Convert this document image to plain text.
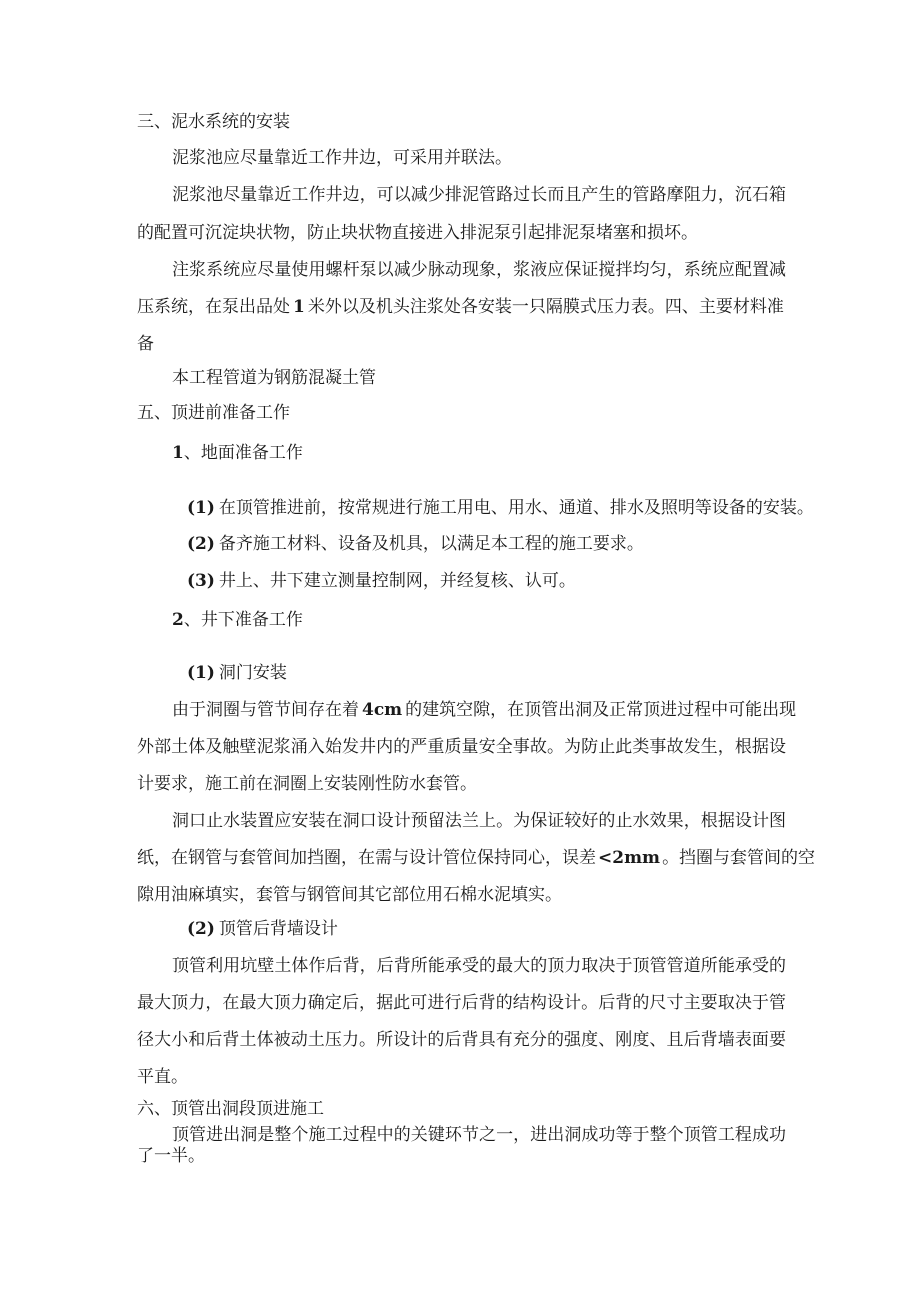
三、泥水系统的安装
泥浆池应尽量靠近工作井边，可采用并联法。
泥浆池尽量靠近工作井边，可以减少排泥管路过长而且产生的管路摩阻力，沉石箱
的配置可沉淀块状物，防止块状物直接进入排泥泵引起排泥泵堵塞和损坏。
注浆系统应尽量使用螺杆泵以减少脉动现象，浆液应保证搅拌均匀，系统应配置减
压系统，在泵出品处 1 米外以及机头注浆处各安装一只隔膜式压力表。四、主要材料准
备
本工程管道为钢筋混凝土管
五、顶进前准备工作
1、地面准备工作
(1) 在顶管推进前，按常规进行施工用电、用水、通道、排水及照明等设备的安装。
(2) 备齐施工材料、设备及机具，以满足本工程的施工要求。
(3) 井上、井下建立测量控制网，并经复核、认可。
2、井下准备工作
(1) 洞门安装
由于洞圈与管节间存在着 4cm 的建筑空隙，在顶管出洞及正常顶进过程中可能出现
外部土体及触壁泥浆涌入始发井内的严重质量安全事故。为防止此类事故发生，根据设
计要求，施工前在洞圈上安装刚性防水套管。
洞口止水装置应安装在洞口设计预留法兰上。为保证较好的止水效果，根据设计图
纸，在钢管与套管间加挡圈，在需与设计管位保持同心，误差 <2mm 。挡圈与套管间的空
隙用油麻填实，套管与钢管间其它部位用石棉水泥填实。
(2) 顶管后背墙设计
顶管利用坑壁土体作后背，后背所能承受的最大的顶力取决于顶管管道所能承受的
最大顶力，在最大顶力确定后，据此可进行后背的结构设计。后背的尺寸主要取决于管
径大小和后背土体被动土压力。所设计的后背具有充分的强度、刚度、且后背墙表面要
平直。
六、顶管出洞段顶进施工
顶管进出洞是整个施工过程中的关键环节之一，进出洞成功等于整个顶管工程成功
了一半。
